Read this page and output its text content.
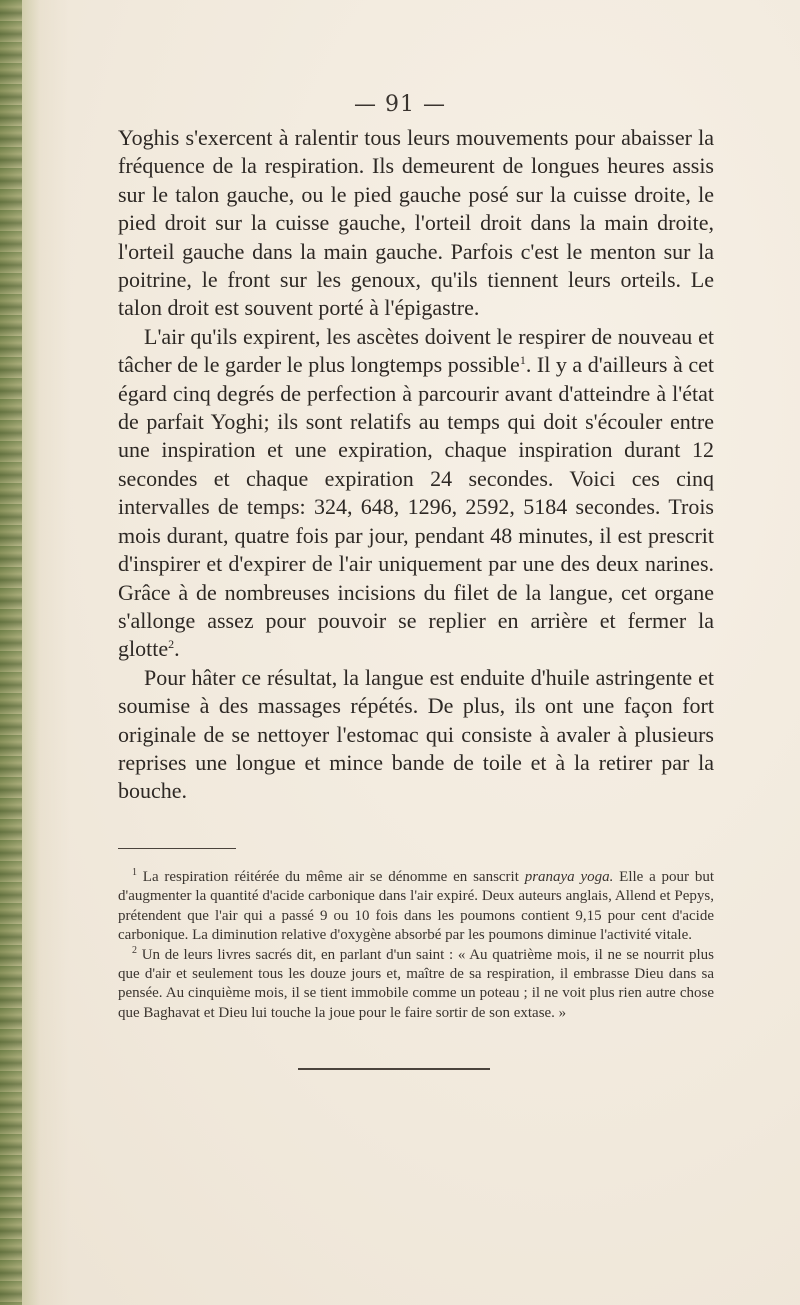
— 91 —

Yoghis s'exercent à ralentir tous leurs mouvements pour abaisser la fréquence de la respiration. Ils demeurent de longues heures assis sur le talon gauche, ou le pied gauche posé sur la cuisse droite, le pied droit sur la cuisse gauche, l'orteil droit dans la main droite, l'orteil gauche dans la main gauche. Parfois c'est le menton sur la poitrine, le front sur les genoux, qu'ils tiennent leurs orteils. Le talon droit est souvent porté à l'épigastre.

L'air qu'ils expirent, les ascètes doivent le respirer de nouveau et tâcher de le garder le plus longtemps possible$^1$. Il y a d'ailleurs à cet égard cinq degrés de perfection à parcourir avant d'atteindre à l'état de parfait Yoghi; ils sont relatifs au temps qui doit s'écouler entre une inspiration et une expiration, chaque inspiration durant 12 secondes et chaque expiration 24 secondes. Voici ces cinq intervalles de temps: 324, 648, 1296, 2592, 5184 secondes. Trois mois durant, quatre fois par jour, pendant 48 minutes, il est prescrit d'inspirer et d'expirer de l'air uniquement par une des deux narines. Grâce à de nombreuses incisions du filet de la langue, cet organe s'allonge assez pour pouvoir se replier en arrière et fermer la glotte$^2$.

Pour hâter ce résultat, la langue est enduite d'huile astringente et soumise à des massages répétés. De plus, ils ont une façon fort originale de se nettoyer l'estomac qui consiste à avaler à plusieurs reprises une longue et mince bande de toile et à la retirer par la bouche.

$^1$ La respiration réitérée du même air se dénomme en sanscrit pranaya yoga. Elle a pour but d'augmenter la quantité d'acide carbonique dans l'air expiré. Deux auteurs anglais, Allend et Pepys, prétendent que l'air qui a passé 9 ou 10 fois dans les poumons contient 9,15 pour cent d'acide carbonique. La diminution relative d'oxygène absorbé par les poumons diminue l'activité vitale.

$^2$ Un de leurs livres sacrés dit, en parlant d'un saint : « Au quatrième mois, il ne se nourrit plus que d'air et seulement tous les douze jours et, maître de sa respiration, il embrasse Dieu dans sa pensée. Au cinquième mois, il se tient immobile comme un poteau ; il ne voit plus rien autre chose que Baghavat et Dieu lui touche la joue pour le faire sortir de son extase. »
